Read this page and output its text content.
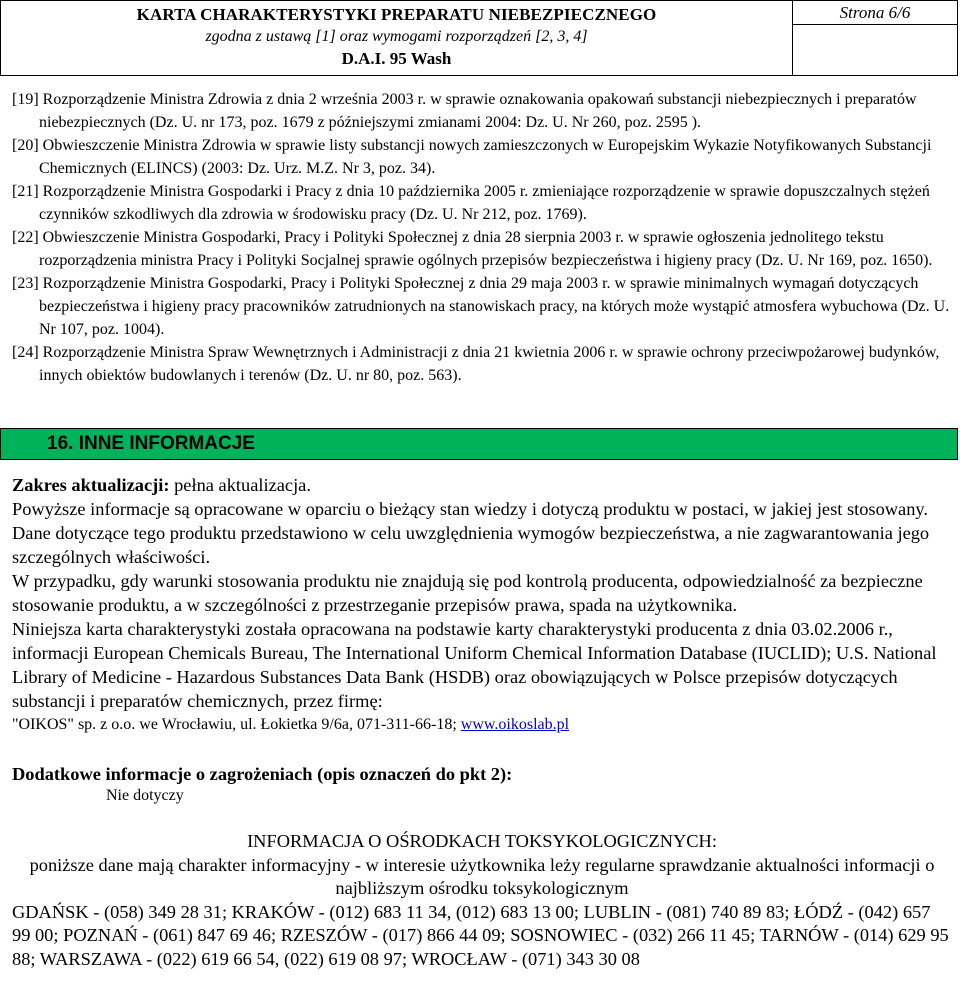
KARTA CHARAKTERYSTYKI PREPARATU NIEBEZPIECZNEGO
zgodna z ustawą [1] oraz wymogami rozporządzeń [2, 3, 4]
D.A.I. 95 Wash
Strona 6/6
[19] Rozporządzenie Ministra Zdrowia z dnia 2 września 2003 r. w sprawie oznakowania opakowań substancji niebezpiecznych i preparatów niebezpiecznych (Dz. U. nr 173, poz. 1679 z późniejszymi zmianami 2004: Dz. U. Nr 260, poz. 2595 ).
[20] Obwieszczenie Ministra Zdrowia w sprawie listy substancji nowych zamieszczonych w Europejskim Wykazie Notyfikowanych Substancji Chemicznych (ELINCS) (2003: Dz. Urz. M.Z. Nr 3, poz. 34).
[21] Rozporządzenie Ministra Gospodarki i Pracy z dnia 10 października 2005 r. zmieniające rozporządzenie w sprawie dopuszczalnych stężeń czynników szkodliwych dla zdrowia w środowisku pracy (Dz. U. Nr 212, poz. 1769).
[22] Obwieszczenie Ministra Gospodarki, Pracy i Polityki Społecznej z dnia 28 sierpnia 2003 r. w sprawie ogłoszenia jednolitego tekstu rozporządzenia ministra Pracy i Polityki Socjalnej sprawie ogólnych przepisów bezpieczeństwa i higieny pracy (Dz. U. Nr 169, poz. 1650).
[23] Rozporządzenie Ministra Gospodarki, Pracy i Polityki Społecznej z dnia 29 maja 2003 r. w sprawie minimalnych wymagań dotyczących bezpieczeństwa i higieny pracy pracowników zatrudnionych na stanowiskach pracy, na których może wystąpić atmosfera wybuchowa (Dz. U. Nr 107, poz. 1004).
[24] Rozporządzenie Ministra Spraw Wewnętrznych i Administracji z dnia 21 kwietnia 2006 r. w sprawie ochrony przeciwpożarowej budynków, innych obiektów budowlanych i terenów (Dz. U. nr 80, poz. 563).
16. INNE INFORMACJE
Zakres aktualizacji: pełna aktualizacja.
Powyższe informacje są opracowane w oparciu o bieżący stan wiedzy i dotyczą produktu w postaci, w jakiej jest stosowany. Dane dotyczące tego produktu przedstawiono w celu uwzględnienia wymogów bezpieczeństwa, a nie zagwarantowania jego szczególnych właściwości.
W przypadku, gdy warunki stosowania produktu nie znajdują się pod kontrolą producenta, odpowiedzialność za bezpieczne stosowanie produktu, a w szczególności z przestrzeganie przepisów prawa, spada na użytkownika.
Niniejsza karta charakterystyki została opracowana na podstawie karty charakterystyki producenta z dnia 03.02.2006 r., informacji European Chemicals Bureau, The International Uniform Chemical Information Database (IUCLID); U.S. National Library of Medicine - Hazardous Substances Data Bank (HSDB) oraz obowiązujących w Polsce przepisów dotyczących substancji i preparatów chemicznych, przez firmę:
"OIKOS" sp. z o.o. we Wrocławiu, ul. Łokietka 9/6a, 071-311-66-18; www.oikoslab.pl
Dodatkowe informacje o zagrożeniach (opis oznaczeń do pkt 2):
Nie dotyczy
INFORMACJA O OŚRODKACH TOKSYKOLOGICZNYCH:
poniższe dane mają charakter informacyjny - w interesie użytkownika leży regularne sprawdzanie aktualności informacji o najbliższym ośrodku toksykologicznym
GDAŃSK - (058) 349 28 31; KRAKÓW - (012) 683 11 34, (012) 683 13 00; LUBLIN - (081) 740 89 83; ŁÓDŹ - (042) 657 99 00; POZNAŃ - (061) 847 69 46; RZESZÓW - (017) 866 44 09; SOSNOWIEC - (032) 266 11 45; TARNÓW - (014) 629 95 88; WARSZAWA - (022) 619 66 54, (022) 619 08 97; WROCŁAW - (071) 343 30 08
